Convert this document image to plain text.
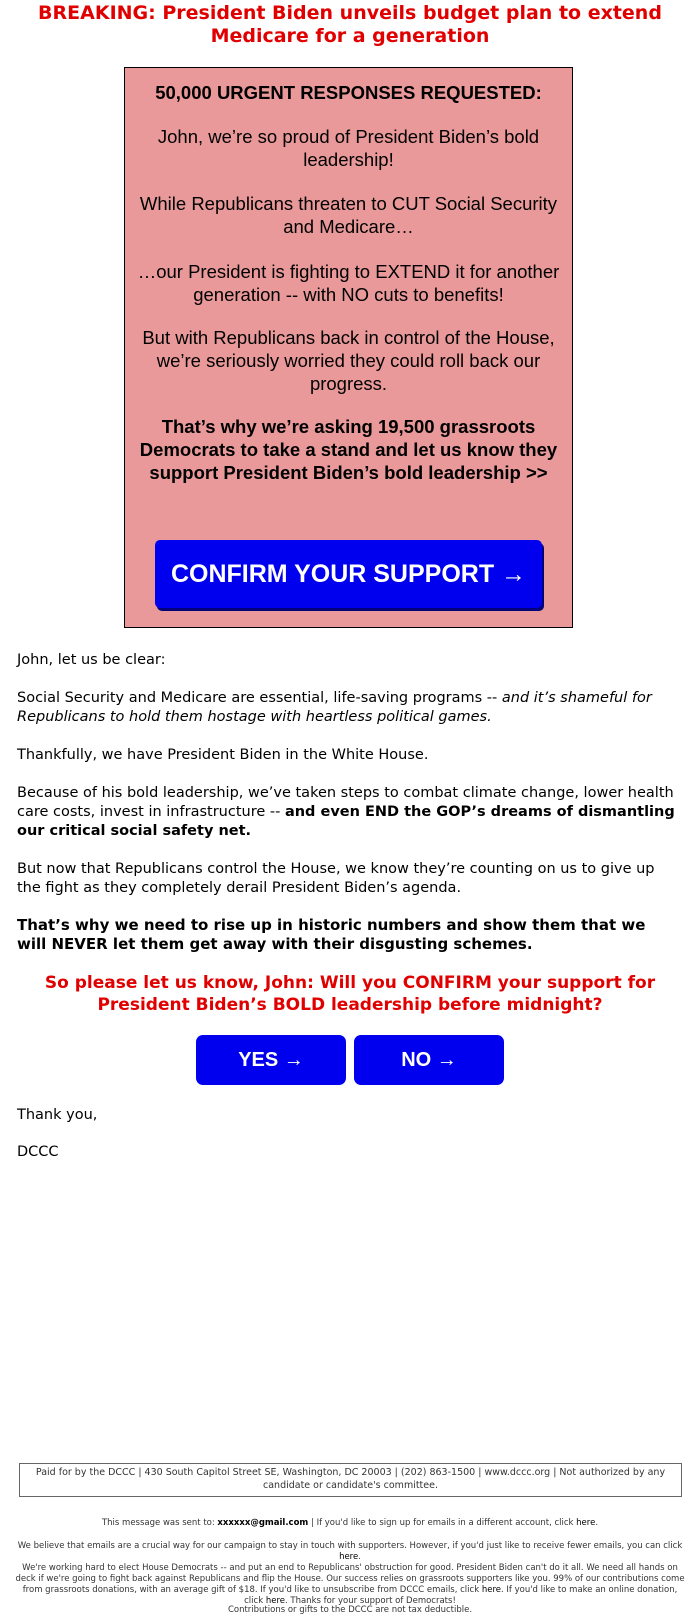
BREAKING: President Biden unveils budget plan to extend
Medicare for a generation

50,000 URGENT RESPONSES REQUESTED:

John, we’re so proud of President Biden’s bold leadership!

While Republicans threaten to CUT Social Security and Medicare…

…our President is fighting to EXTEND it for another generation -- with NO cuts to benefits!

But with Republicans back in control of the House, we’re seriously worried they could roll back our progress.

That’s why we’re asking 19,500 grassroots Democrats to take a stand and let us know they support President Biden’s bold leadership >>

CONFIRM YOUR SUPPORT →

John, let us be clear:

Social Security and Medicare are essential, life-saving programs -- and it’s shameful for Republicans to hold them hostage with heartless political games.

Thankfully, we have President Biden in the White House.

Because of his bold leadership, we’ve taken steps to combat climate change, lower health care costs, invest in infrastructure -- and even END the GOP’s dreams of dismantling our critical social safety net.

But now that Republicans control the House, we know they’re counting on us to give up the fight as they completely derail President Biden’s agenda.

That’s why we need to rise up in historic numbers and show them that we will NEVER let them get away with their disgusting schemes.

So please let us know, John: Will you CONFIRM your support for President Biden’s BOLD leadership before midnight?
YES →	NO →

Thank you,

DCCC

Paid for by the DCCC | 430 South Capitol Street SE, Washington, DC 20003 | (202) 863-1500 | www.dccc.org | Not authorized by any candidate or candidate's committee.

This message was sent to: xxxxxx@gmail.com | If you'd like to sign up for emails in a different account, click here.

We believe that emails are a crucial way for our campaign to stay in touch with supporters. However, if you'd just like to receive fewer emails, you can click here.

We're working hard to elect House Democrats -- and put an end to Republicans' obstruction for good. President Biden can't do it all. We need all hands on deck if we're going to fight back against Republicans and flip the House. Our success relies on grassroots supporters like you. 99% of our contributions come from grassroots donations, with an average gift of $18. If you'd like to unsubscribe from DCCC emails, click here. If you'd like to make an online donation, click here. Thanks for your support of Democrats!

Contributions or gifts to the DCCC are not tax deductible.
